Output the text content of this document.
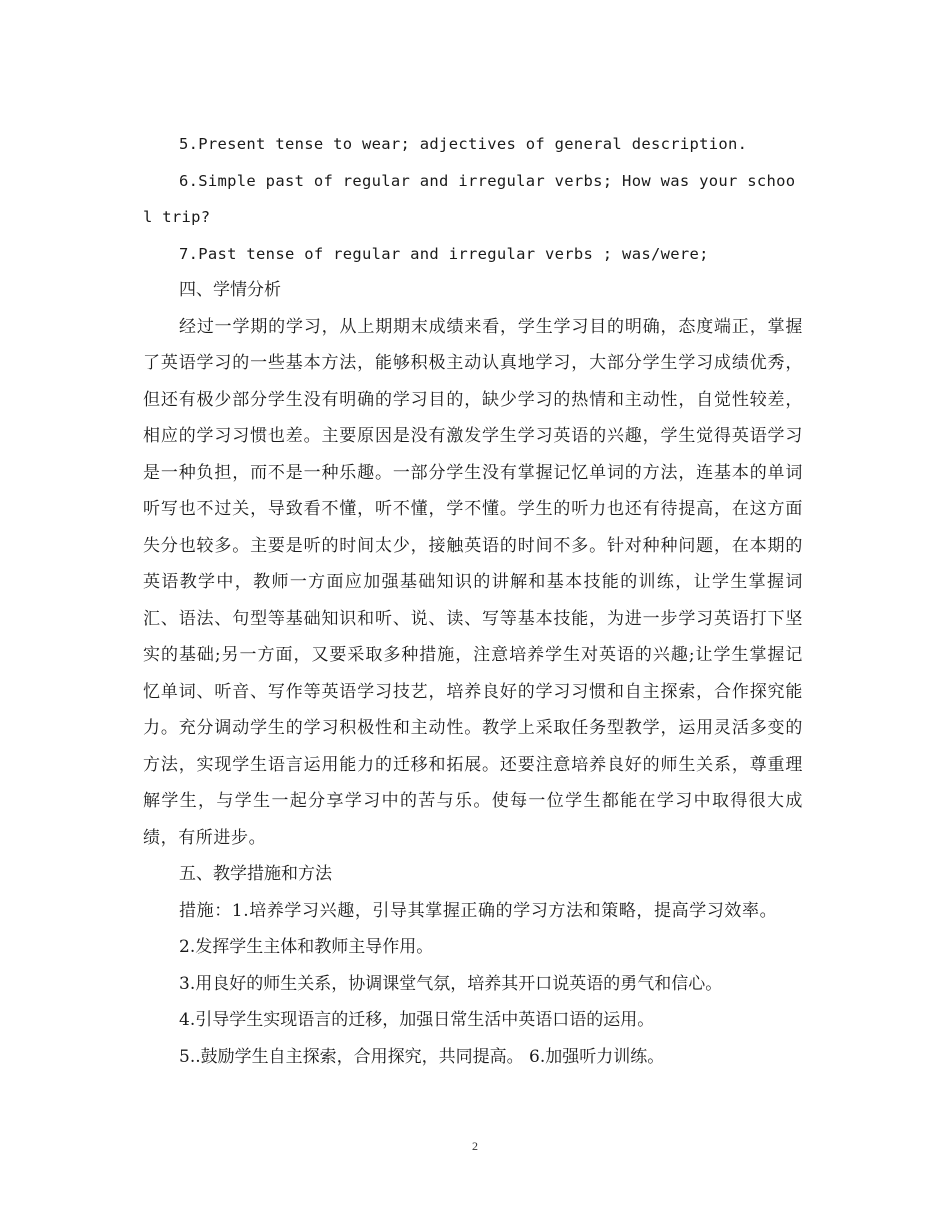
5.Present tense to wear; adjectives of general description.

6.Simple past of regular and irregular verbs; How was your school trip?

7.Past tense of regular and irregular verbs ; was/were;

四、学情分析

经过一学期的学习，从上期期末成绩来看，学生学习目的明确，态度端正，掌握了英语学习的一些基本方法，能够积极主动认真地学习，大部分学生学习成绩优秀，但还有极少部分学生没有明确的学习目的，缺少学习的热情和主动性，自觉性较差，相应的学习习惯也差。主要原因是没有激发学生学习英语的兴趣，学生觉得英语学习是一种负担，而不是一种乐趣。一部分学生没有掌握记忆单词的方法，连基本的单词听写也不过关，导致看不懂，听不懂，学不懂。学生的听力也还有待提高，在这方面失分也较多。主要是听的时间太少，接触英语的时间不多。针对种种问题，在本期的英语教学中，教师一方面应加强基础知识的讲解和基本技能的训练，让学生掌握词汇、语法、句型等基础知识和听、说、读、写等基本技能，为进一步学习英语打下坚实的基础;另一方面，又要采取多种措施，注意培养学生对英语的兴趣;让学生掌握记忆单词、听音、写作等英语学习技艺，培养良好的学习习惯和自主探索，合作探究能力。充分调动学生的学习积极性和主动性。教学上采取任务型教学，运用灵活多变的方法，实现学生语言运用能力的迁移和拓展。还要注意培养良好的师生关系，尊重理解学生，与学生一起分享学习中的苦与乐。使每一位学生都能在学习中取得很大成绩，有所进步。

五、教学措施和方法

措施：1.培养学习兴趣，引导其掌握正确的学习方法和策略，提高学习效率。

2.发挥学生主体和教师主导作用。

3.用良好的师生关系，协调课堂气氛，培养其开口说英语的勇气和信心。

4.引导学生实现语言的迁移，加强日常生活中英语口语的运用。

5..鼓励学生自主探索，合用探究，共同提高。 6.加强听力训练。

2
